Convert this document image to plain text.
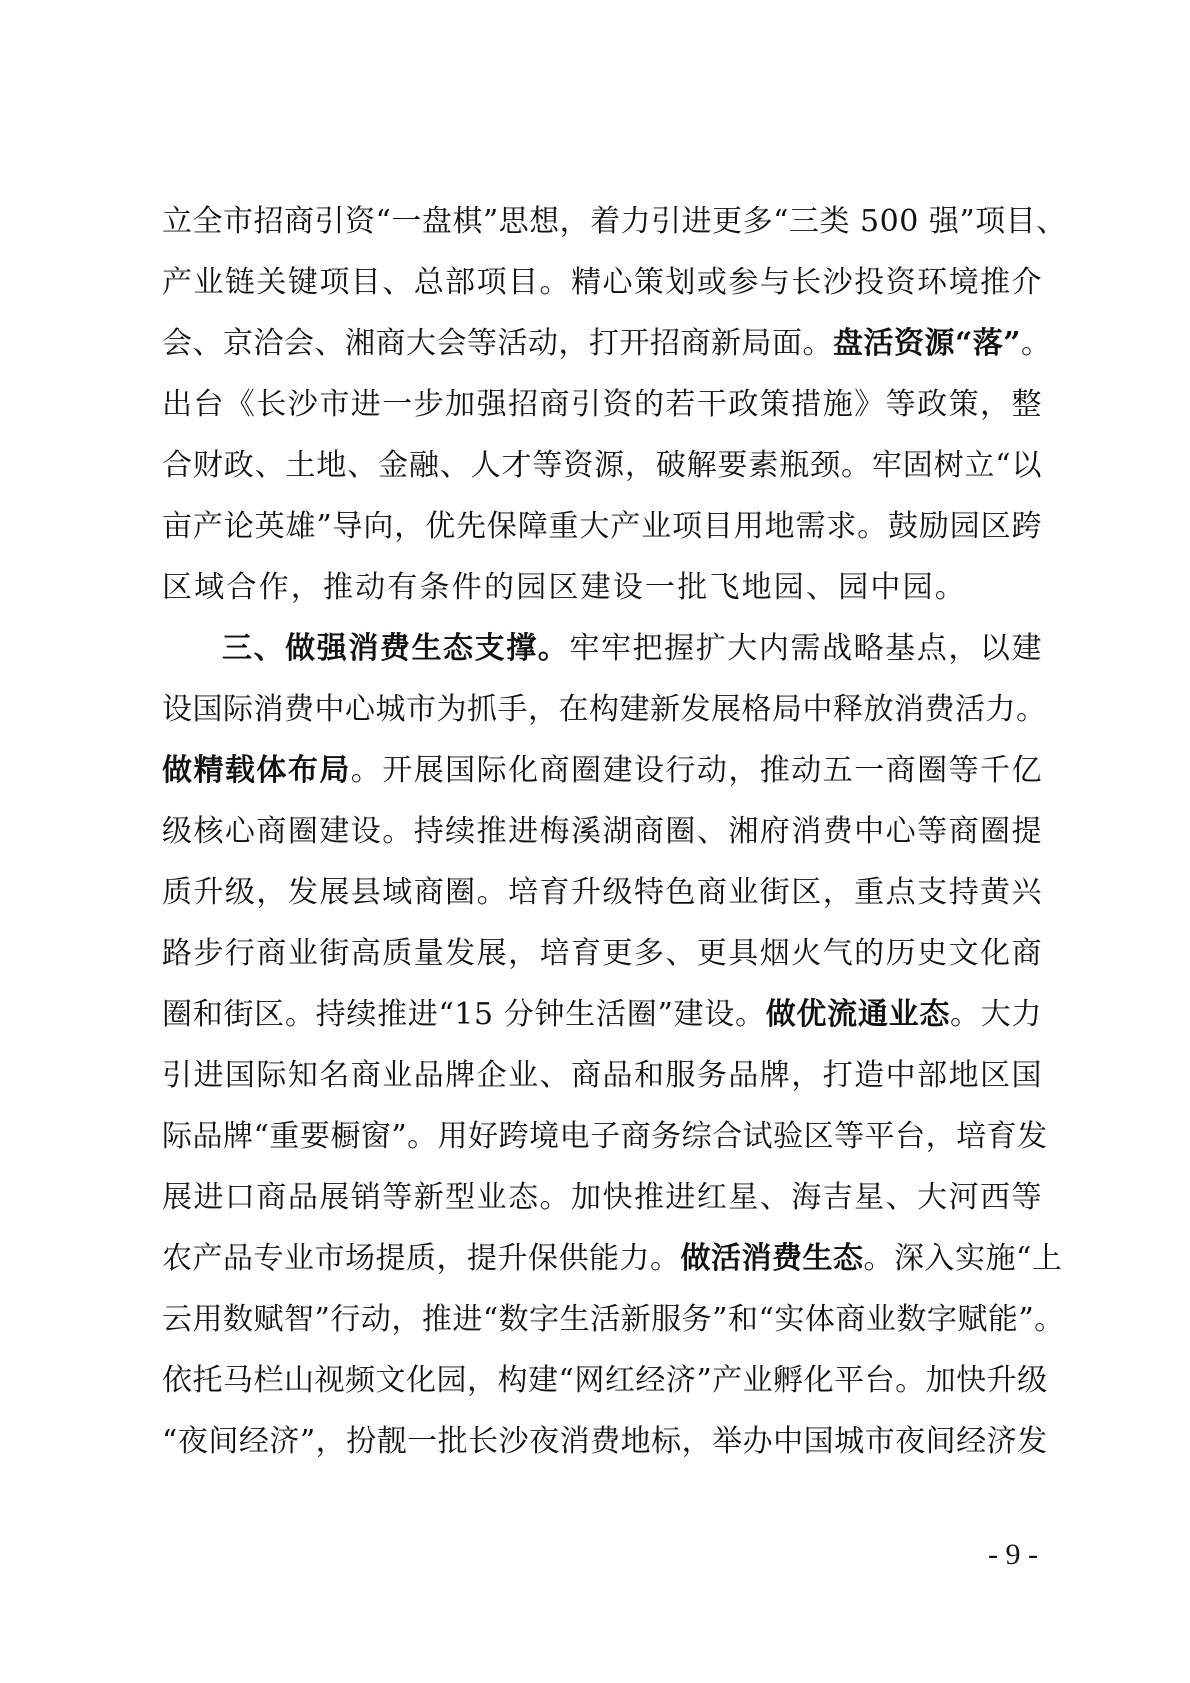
立全市招商引资“一盘棋”思想，着力引进更多“三类 500 强”项目、
产业链关键项目、总部项目。精心策划或参与长沙投资环境推介
会、京洽会、湘商大会等活动，打开招商新局面。盘活资源“落”。
出台《长沙市进一步加强招商引资的若干政策措施》等政策，整
合财政、土地、金融、人才等资源，破解要素瓶颈。牢固树立“以
亩产论英雄”导向，优先保障重大产业项目用地需求。鼓励园区跨
区域合作，推动有条件的园区建设一批飞地园、园中园。
三、做强消费生态支撑。牢牢把握扩大内需战略基点，以建
设国际消费中心城市为抓手，在构建新发展格局中释放消费活力。
做精载体布局。开展国际化商圈建设行动，推动五一商圈等千亿
级核心商圈建设。持续推进梅溪湖商圈、湘府消费中心等商圈提
质升级，发展县域商圈。培育升级特色商业街区，重点支持黄兴
路步行商业街高质量发展，培育更多、更具烟火气的历史文化商
圈和街区。持续推进“15 分钟生活圈”建设。做优流通业态。大力
引进国际知名商业品牌企业、商品和服务品牌，打造中部地区国
际品牌“重要橱窗”。用好跨境电子商务综合试验区等平台，培育发
展进口商品展销等新型业态。加快推进红星、海吉星、大河西等
农产品专业市场提质，提升保供能力。做活消费生态。深入实施“上
云用数赋智”行动，推进“数字生活新服务”和“实体商业数字赋能”。
依托马栏山视频文化园，构建“网红经济”产业孵化平台。加快升级
“夜间经济”，扮靓一批长沙夜消费地标，举办中国城市夜间经济发
- 9 -
